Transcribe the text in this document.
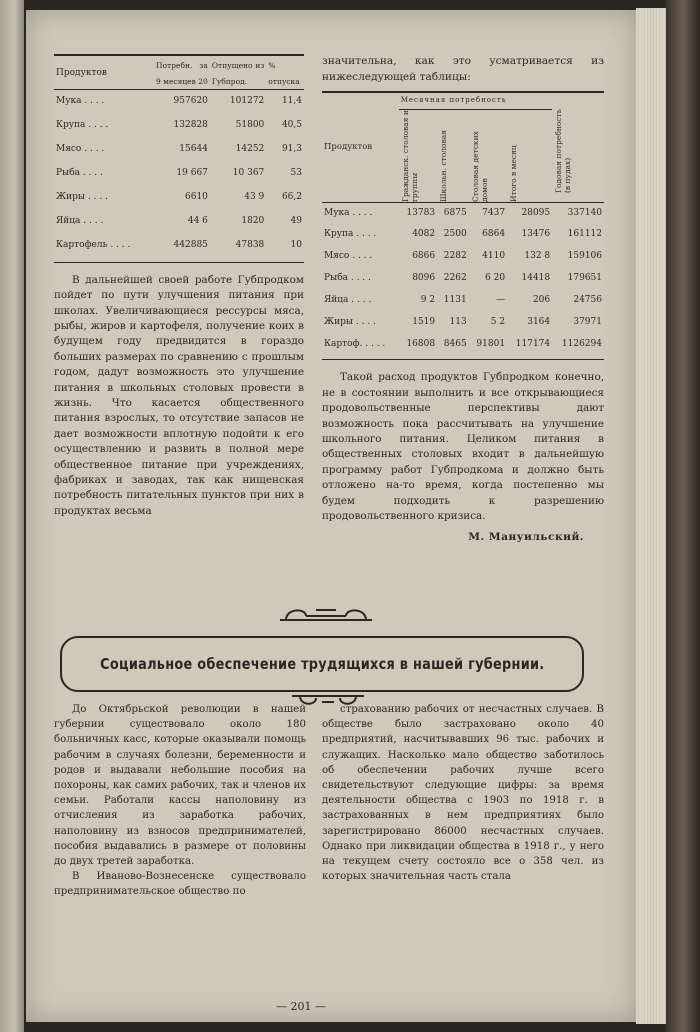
Продуктов	Потребн. за 9 месяцев 20	Отпущено из Губпрод.	% отпуска
Мука . . . .	957620	101272	11,4
Крупа . . . .	132828	51800	40,5
Мясо . . . .	15644	14252	91,3
Рыба . . . .	19 667	10 367	53
Жиры . . . .	6610	43 9	66,2
Яйца . . . .	44 6	1820	49
Картофель . . . .	442885	47838	10

В дальнейшей своей работе Губпродком пойдет по пути улучшения питания при школах. Увеличивающиеся рессурсы мяса, рыбы, жиров и картофеля, получение коих в будущем году предвидится в гораздо больших размерах по сравнению с прошлым годом, дадут возможность это улучшение питания в школьных столовых провести в жизнь. Что касается общественного питания взрослых, то отсутствие запасов не дает возможности вплотную подойти к его осуществлению и развить в полной мере общественное питание при учреждениях, фабриках и заводах, так как нищенская потребность питательных пунктов при них в продуктах весьма

значительна, как это усматривается из нижеследующей таблицы:

Продуктов	Месячная потребность				Годовая потребность (в пудах)

	Гражданск. столовая и группы	Школьн. столовая	Столовая детских домов	Итого в месяц	

Мука . . . .	13783	6875	7437	28095	337140
Крупа . . . .	4082	2500	6864	13476	161112
Мясо . . . .	6866	2282	4110	132 8	159106
Рыба . . . .	8096	2262	6 20	14418	179651
Яйца . . . .	9 2	1131	—	206	24756
Жиры . . . .	1519	113	5 2	3164	37971
Картоф. . . . .	16808	8465	91801	117174	1126294

Такой расход продуктов Губпродком конечно, не в состоянии выполнить и все открывающиеся продовольственные перспективы дают возможность пока рассчитывать на улучшение школьного питания. Целиком питания в общественных столовых входит в дальнейшую программу работ Губпродкома и должно быть отложено на-то время, когда постепенно мы будем подходить к разрешению продовольственного кризиса.

М. Мануильский.
Социальное обеспечение трудящихся в нашей губернии.

До Октябрьской революции в нашей губернии существовало около 180 больничных касс, которые оказывали помощь рабочим в случаях болезни, беременности и родов и выдавали небольшие пособия на похороны, как самих рабочих, так и членов их семьи. Работали кассы наполовину из отчисления из заработка рабочих, наполовину из взносов предпринимателей, пособия выдавались в размере от половины до двух третей заработка.

В Иваново-Вознесенске существовало предпринимательское общество по

страхованию рабочих от несчастных случаев. В обществе было застраховано около 40 предприятий, насчитывавших 96 тыс. рабочих и служащих. Насколько мало общество заботилось об обеспечении рабочих лучше всего свидетельствуют следующие цифры: за время деятельности общества с 1903 по 1918 г. в застрахованных в нем предприятиях было зарегистрировано 86000 несчастных случаев. Однако при ликвидации общества в 1918 г., у него на текущем счету состояло все о 358 чел. из которых значительная часть стала

— 201 —
